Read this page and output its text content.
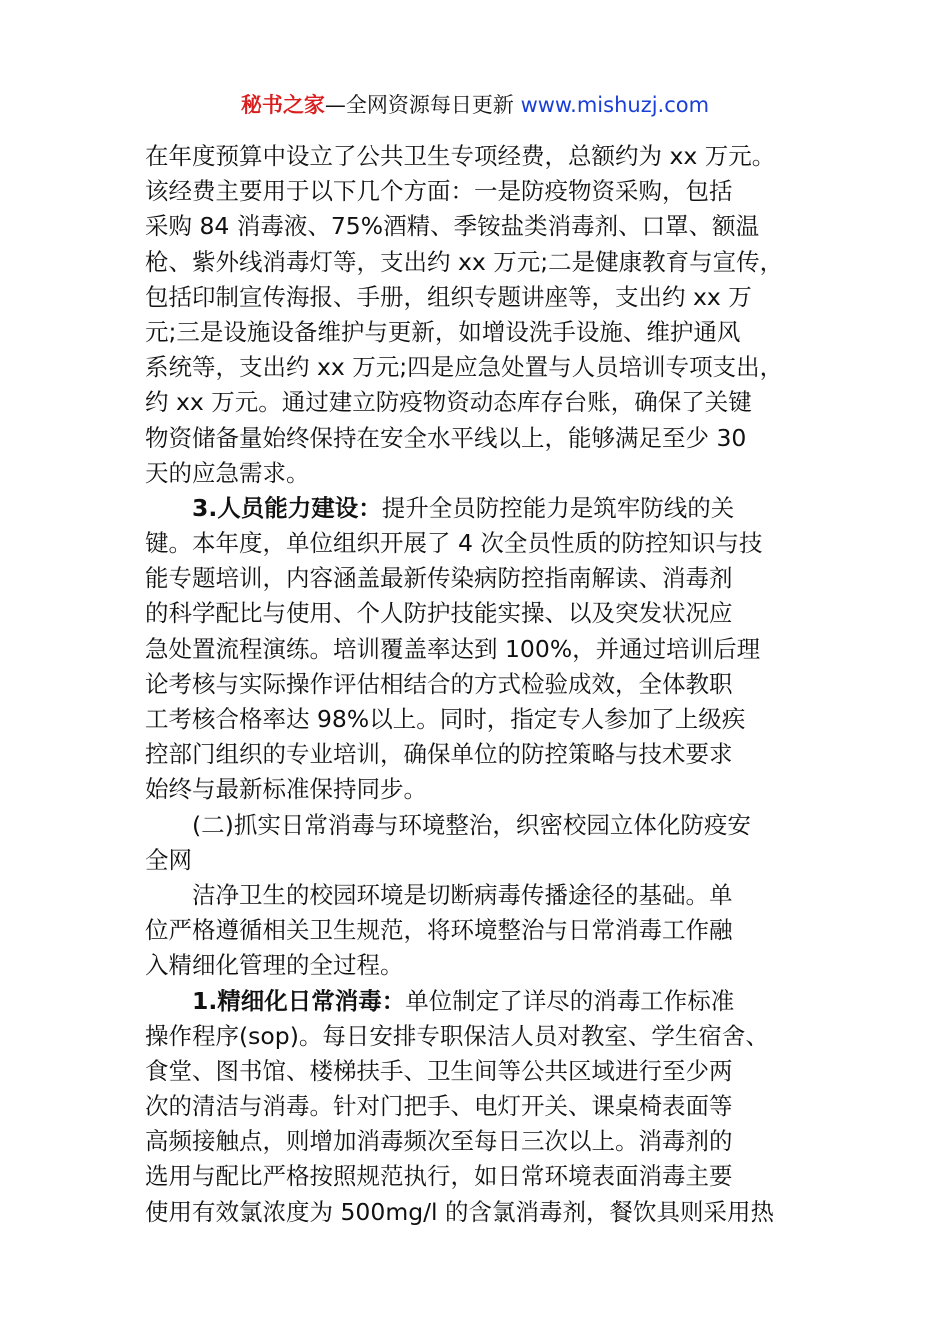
秘书之家—全网资源每日更新 www.mishuzj.com
在年度预算中设立了公共卫生专项经费，总额约为 xx 万元。
该经费主要用于以下几个方面：一是防疫物资采购，包括
采购 84 消毒液、75%酒精、季铵盐类消毒剂、口罩、额温
枪、紫外线消毒灯等，支出约 xx 万元;二是健康教育与宣传，
包括印制宣传海报、手册，组织专题讲座等，支出约 xx 万
元;三是设施设备维护与更新，如增设洗手设施、维护通风
系统等，支出约 xx 万元;四是应急处置与人员培训专项支出，
约 xx 万元。通过建立防疫物资动态库存台账，确保了关键
物资储备量始终保持在安全水平线以上，能够满足至少 30
天的应急需求。
3.人员能力建设：提升全员防控能力是筑牢防线的关
键。本年度，单位组织开展了 4 次全员性质的防控知识与技
能专题培训，内容涵盖最新传染病防控指南解读、消毒剂
的科学配比与使用、个人防护技能实操、以及突发状况应
急处置流程演练。培训覆盖率达到 100%，并通过培训后理
论考核与实际操作评估相结合的方式检验成效，全体教职
工考核合格率达 98%以上。同时，指定专人参加了上级疾
控部门组织的专业培训，确保单位的防控策略与技术要求
始终与最新标准保持同步。
(二)抓实日常消毒与环境整治，织密校园立体化防疫安
全网
洁净卫生的校园环境是切断病毒传播途径的基础。单
位严格遵循相关卫生规范，将环境整治与日常消毒工作融
入精细化管理的全过程。
1.精细化日常消毒：单位制定了详尽的消毒工作标准
操作程序(sop)。每日安排专职保洁人员对教室、学生宿舍、
食堂、图书馆、楼梯扶手、卫生间等公共区域进行至少两
次的清洁与消毒。针对门把手、电灯开关、课桌椅表面等
高频接触点，则增加消毒频次至每日三次以上。消毒剂的
选用与配比严格按照规范执行，如日常环境表面消毒主要
使用有效氯浓度为 500mg/l 的含氯消毒剂，餐饮具则采用热
